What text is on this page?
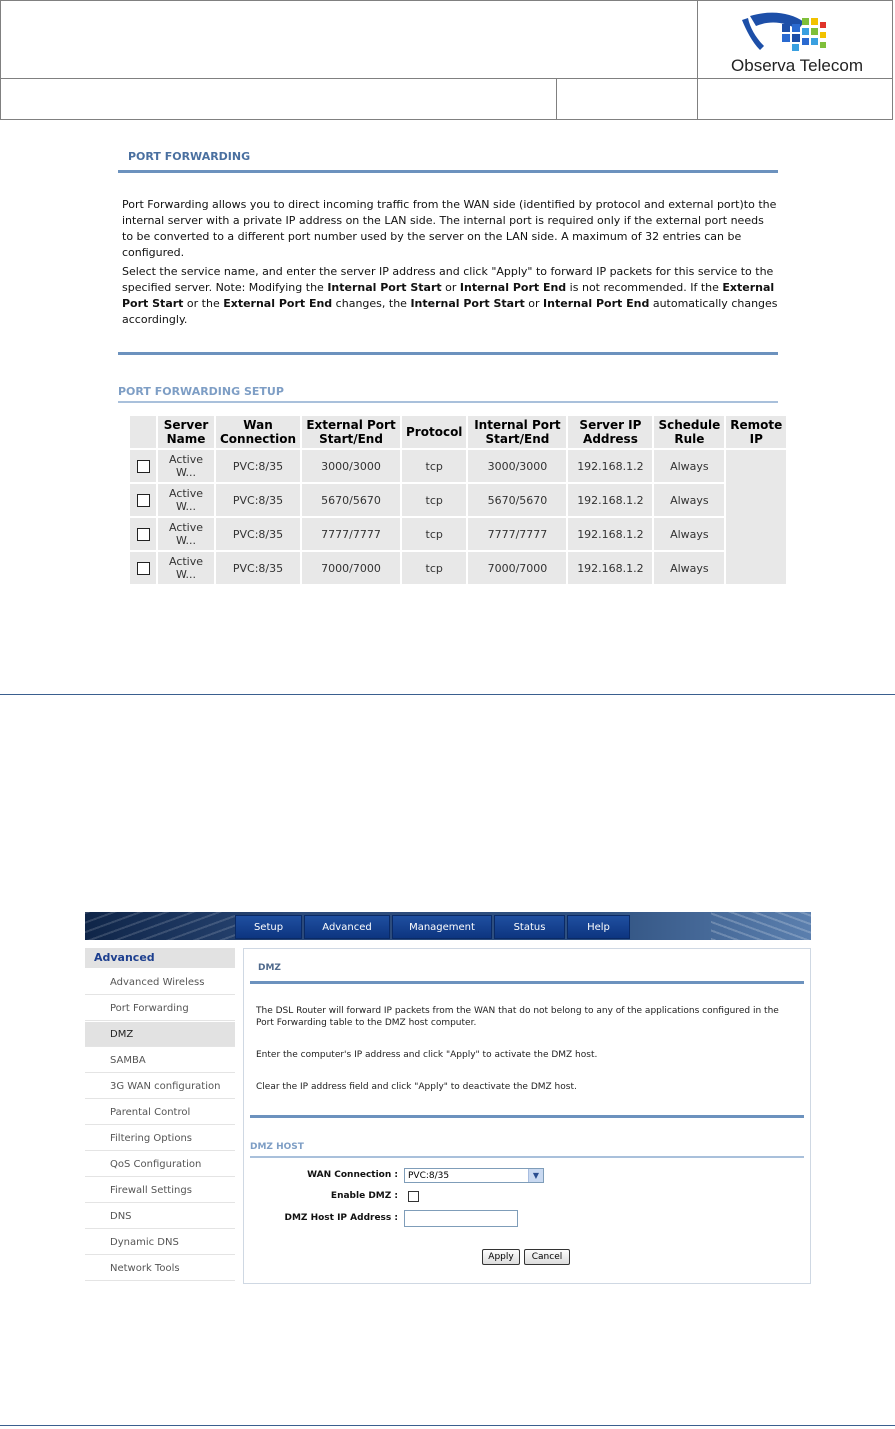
Observa Telecom
PORT FORWARDING
Port Forwarding allows you to direct incoming traffic from the WAN side (identified by protocol and external port)to the internal server with a private IP address on the LAN side. The internal port is required only if the external port needs to be converted to a different port number used by the server on the LAN side. A maximum of 32 entries can be configured.
Select the service name, and enter the server IP address and click "Apply" to forward IP packets for this service to the specified server. Note: Modifying the Internal Port Start or Internal Port End is not recommended. If the External Port Start or the External Port End changes, the Internal Port Start or Internal Port End automatically changes accordingly.
PORT FORWARDING SETUP
	Server Name	Wan Connection	External Port Start/End	Protocol	Internal Port Start/End	Server IP Address	Schedule Rule	Remote IP
	Active W...	PVC:8/35	3000/3000	tcp	3000/3000	192.168.1.2	Always	
	Active W...	PVC:8/35	5670/5670	tcp	5670/5670	192.168.1.2	Always	
	Active W...	PVC:8/35	7777/7777	tcp	7777/7777	192.168.1.2	Always	
	Active W...	PVC:8/35	7000/7000	tcp	7000/7000	192.168.1.2	Always	
Setup	Advanced	Management	Status	Help
Advanced
Advanced Wireless
Port Forwarding
DMZ
SAMBA
3G WAN configuration
Parental Control
Filtering Options
QoS Configuration
Firewall Settings
DNS
Dynamic DNS
Network Tools
DMZ
The DSL Router will forward IP packets from the WAN that do not belong to any of the applications configured in the Port Forwarding table to the DMZ host computer.
Enter the computer's IP address and click "Apply" to activate the DMZ host.
Clear the IP address field and click "Apply" to deactivate the DMZ host.
DMZ HOST
WAN Connection :	PVC:8/35	▼
Enable DMZ :
DMZ Host IP Address :
Apply	Cancel
